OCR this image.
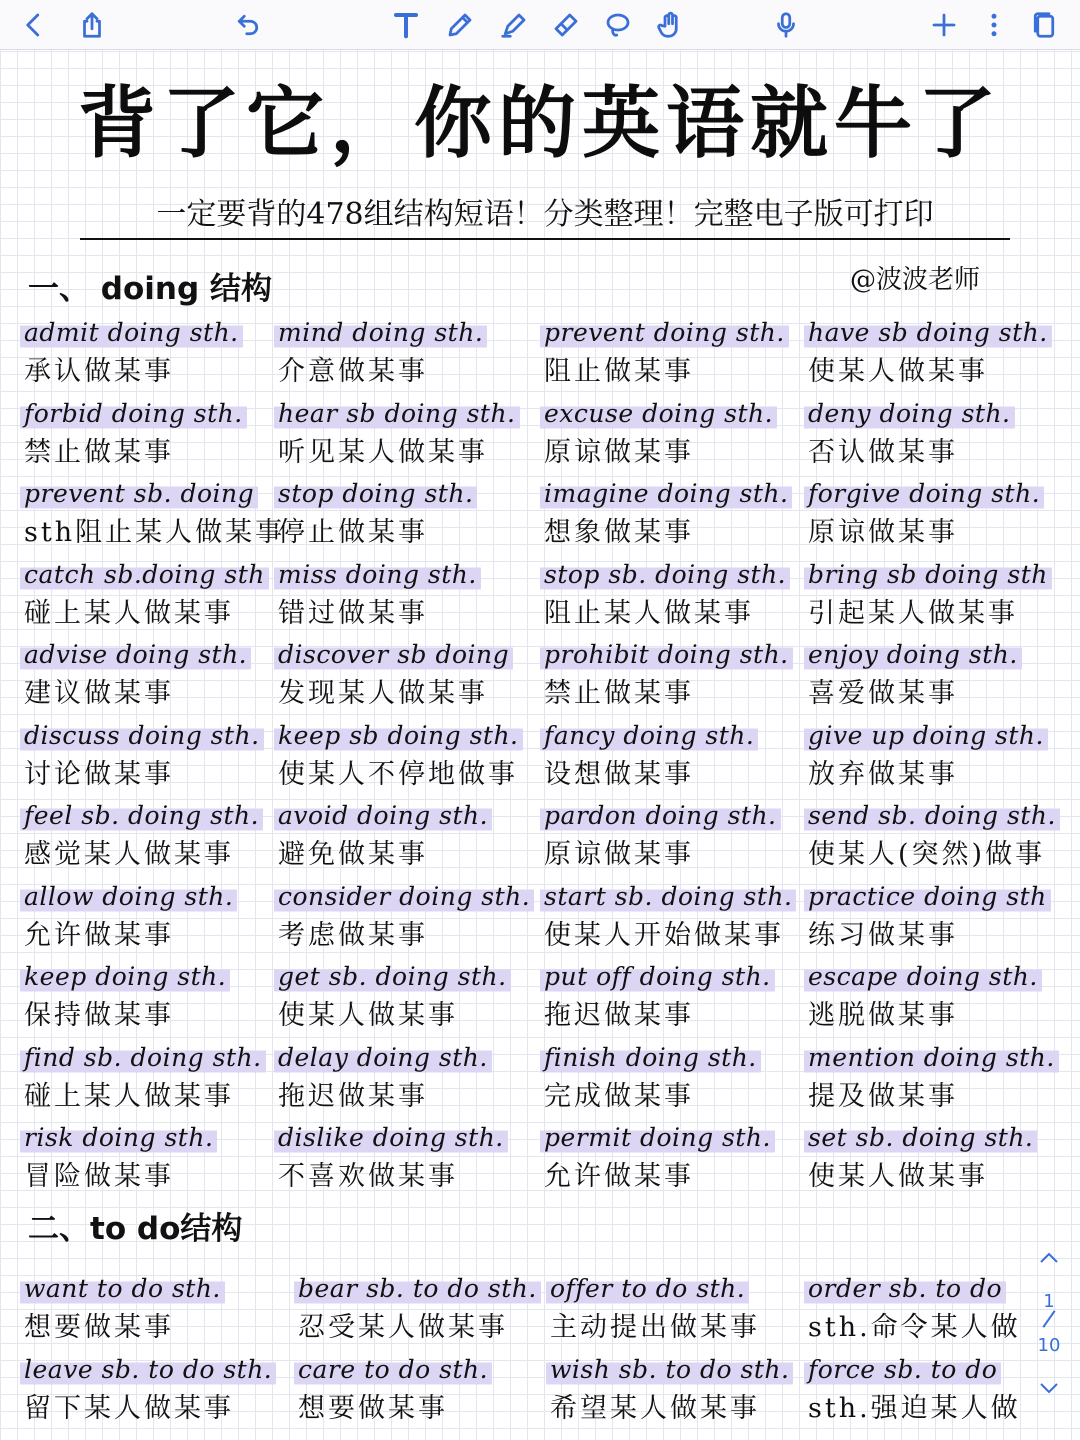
背了它，你的英语就牛了
一定要背的478组结构短语！分类整理！完整电子版可打印
@波波老师
一、 doing 结构
admit doing sth.
承认做某事
mind doing sth.
介意做某事
prevent doing sth.
阻止做某事
have sb doing sth.
使某人做某事
forbid doing sth.
禁止做某事
hear sb doing sth.
听见某人做某事
excuse doing sth.
原谅做某事
deny doing sth.
否认做某事
prevent sb. doing
sth阻止某人做某事
stop doing sth.
停止做某事
imagine doing sth.
想象做某事
forgive doing sth.
原谅做某事
catch sb.doing sth
碰上某人做某事
miss doing sth.
错过做某事
stop sb. doing sth.
阻止某人做某事
bring sb doing sth
引起某人做某事
advise doing sth.
建议做某事
discover sb doing
发现某人做某事
prohibit doing sth.
禁止做某事
enjoy doing sth.
喜爱做某事
discuss doing sth.
讨论做某事
keep sb doing sth.
使某人不停地做事
fancy doing sth.
设想做某事
give up doing sth.
放弃做某事
feel sb. doing sth.
感觉某人做某事
avoid doing sth.
避免做某事
pardon doing sth.
原谅做某事
send sb. doing sth.
使某人(突然)做事
allow doing sth.
允许做某事
consider doing sth.
考虑做某事
start sb. doing sth.
使某人开始做某事
practice doing sth
练习做某事
keep doing sth.
保持做某事
get sb. doing sth.
使某人做某事
put off doing sth.
拖迟做某事
escape doing sth.
逃脱做某事
find sb. doing sth.
碰上某人做某事
delay doing sth.
拖迟做某事
finish doing sth.
完成做某事
mention doing sth.
提及做某事
risk doing sth.
冒险做某事
dislike doing sth.
不喜欢做某事
permit doing sth.
允许做某事
set sb. doing sth.
使某人做某事
二、to do结构
want to do sth.
想要做某事
bear sb. to do sth.
忍受某人做某事
offer to do sth.
主动提出做某事
order sb. to do
sth.命令某人做
leave sb. to do sth.
留下某人做某事
care to do sth.
想要做某事
wish sb. to do sth.
希望某人做某事
force sb. to do
sth.强迫某人做
1
10
